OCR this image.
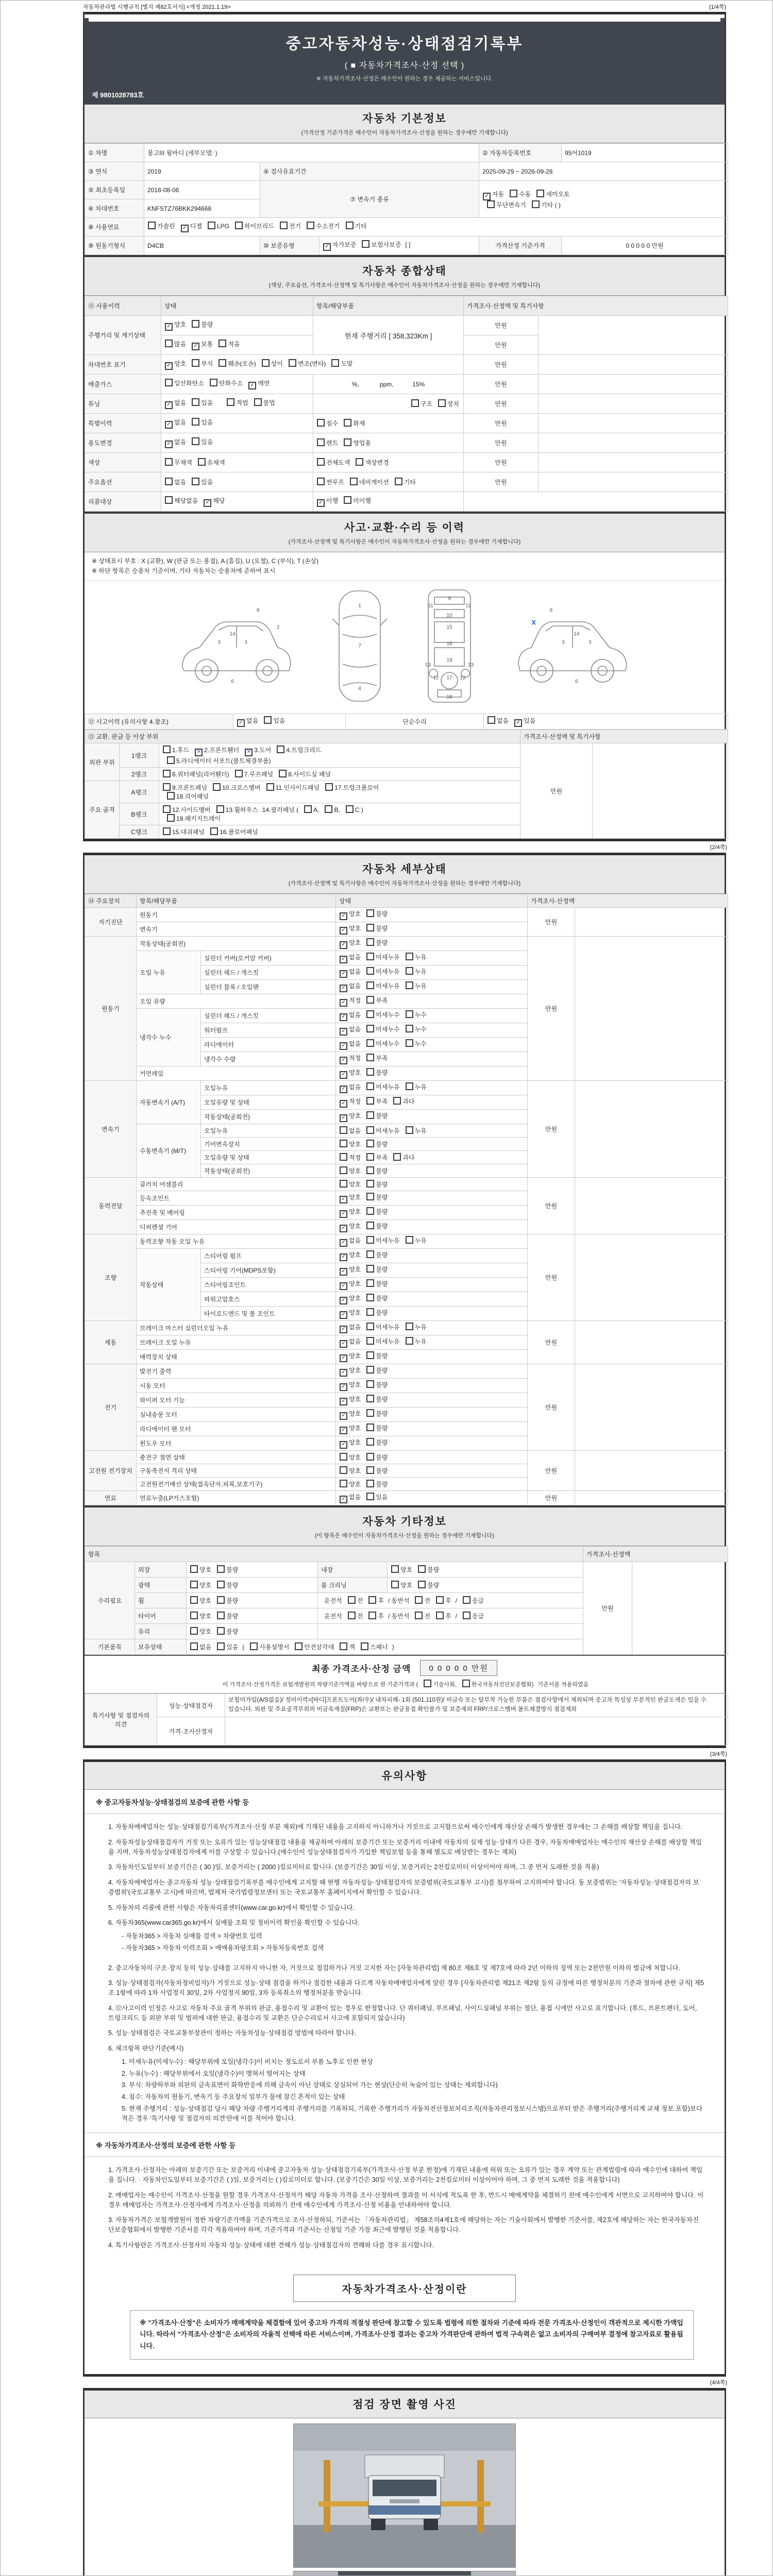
자동차관리법 시행규칙 [별지 제82호서식] <개정 2021.1.19>	(1/4쪽)
중고자동차성능·상태점검기록부
( ■ 자동차가격조사·산정 선택 )
※ 자동차가격조사·산정은 매수인이 원하는 경우 제공하는 서비스입니다.
제 9801028783호
자동차 기본정보
(가격산정 기준가격은 매수인이 자동차가격조사·산정을 원하는 경우에만 기재합니다)
① 차명	봉고III 윙바디 (세부모델: )			② 자동차등록번호	95어1019
③ 연식	2019	④ 검사유효기간		2025-09-29 ~ 2026-09-28	
⑤ 최초등록일	2018-08-06	⑦ 변속기 종류	✓자동 수동 세미오토
무단변속기 기타 ( )
⑥ 차대번호	KNFSTZ76BKK294668				
⑧ 사용연료	가솔린 ✓ 디젤 LPG 하이브리드 전기 수소전기 기타
⑨ 원동기형식	D4CB	⑩ 보증유형	✓자가보증 보험사보증 [ ]	가격산정 기준가격	0 0 0 0 0 만원
자동차 종합상태
(색상, 주요옵션, 가격조사·산정액 및 특기사항은 매수인이 자동차가격조사·산정을 원하는 경우에만 기재합니다)
⑪ 사용이력	상태	항목/해당부품	가격조사·산정액 및 특기사항	
주행거리 및 계기상태	✓양호 불량	현재 주행거리 [ 358,323Km ]	만원	
	많음 ✓ 보통 적음		만원	
차대번호 표기	✓양호 부식 훼손(오손) 상이 변조(변타) 도말		만원	
배출가스	일산화탄소 탄화수소 ✓ 매연	%,            ppm,           15%	만원	
튜닝	✓없음 있음 적법 불법	구조 장치	만원	
특별이력	✓없음 있음	침수 화재	만원	
용도변경	✓없음 있음	렌트 영업용	만원	
색상	무채색 유채색	전체도색 색상변경	만원	
주요옵션	없음 있음	썬루프 네비게이션 기타	만원	
리콜대상	해당없음 ✓ 해당	✓이행 미이행	
사고·교환·수리 등 이력
(가격조사·산정액 및 특기사항은 매수인이 자동차가격조사·산정을 원하는 경우에만 기재합니다)
※ 상태표시 부호 : X (교환), W (판금 또는 용접), A (흠집), U (요철), C (부식), T (손상)
※ 하단 항목은 승용차 기준이며, 기타 자동차는 승용차에 준하여 표시
2
8
3
14
3
6
1
7
4
11
9
11
10
15
16
19
13	13
12	12
17
18
X
8
14
3	3
6
⑫ 사고이력 (유의사항 4.참조)	✓없음 있음	단순수리	없음 ✓ 있음
⑬ 교환, 판금 등 이상 부위			가격조사·산정액 및 특기사항	
외판 부위	1랭크	1.후드 ✕ 2.프론트휀더 ✕ 3.도어 4.트렁크리드
5.라디에이터 서포트(볼트체결부품)	만원	
	2랭크	6.쿼터패널(리어휀더) 7.루프패널 8.사이드실 패널		
주요 골격	A랭크	9.프론트패널 10.크로스멤버 11.인사이드패널 17.트렁크플로어
18.리어패널		
	B랭크	12.사이드멤버 13.휠하우스 14.필러패널 ( A, B, C )
19.패키지트레이		
	C랭크	15.대쉬패널 16.플로어패널		
(2/4쪽)
자동차 세부상태
(가격조사·산정액 및 특기사항은 매수인이 자동차가격조사·산정을 원하는 경우에만 기재합니다)
⑭ 주요장치	항목/해당부품		상태	가격조사·산정액	
자기진단	원동기	✓양호 불량	만원	
	변속기	✓양호 불량
원동기	작동상태(공회전)	✓양호 불량	만원	
	오일 누유	실린더 커버(로커암 커버)	✓없음 미세누유 누유
		실린더 헤드 / 개스킷	✓없음 미세누유 누유
		실린더 블록 / 오일팬	✓없음 미세누유 누유
	오일 유량	✓적정 부족
	냉각수 누수	실린더 헤드 / 개스킷	✓없음 미세누수 누수
		워터펌프	✓없음 미세누수 누수
		라디에이터	✓없음 미세누수 누수
		냉각수 수량	✓적정 부족
	커먼레일	✓양호 불량
변속기	자동변속기 (A/T)	오일누유	✓없음 미세누유 누유	만원	
		오일유량 및 상태	✓적정 부족 과다
		작동상태(공회전)	✓양호 불량
	수동변속기 (M/T)	오일누유	없음 미세누유 누유		
		기어변속장치	양호 불량		
		오일유량 및 상태	적정 부족 과다		
		작동상태(공회전)	양호 불량		
동력전달	클러치 어셈블리		양호 불량	만원	
	등속조인트	✓양호 불량
	추진축 및 베어링	✓양호 불량
	디퍼렌셜 기어	✓양호 불량
조향	동력조향 작동 오일 누유	✓없음 미세누유 누유	만원	
	작동상태	스티어링 펌프	✓양호 불량
		스티어링 기어(MDPS포함)	✓양호 불량
		스티어링조인트	✓양호 불량
		파워고압호스	✓양호 불량
		타이로드엔드 및 볼 조인트	✓양호 불량
제동	브레이크 마스터 실린더오일 누유	✓없음 미세누유 누유	만원	
	브레이크 오일 누유	✓없음 미세누유 누유
	배력장치 상태	✓양호 불량
전기	발전기 출력	✓양호 불량	만원	
	시동 모터	✓양호 불량
	와이퍼 모터 기능	✓양호 불량
	실내송풍 모터	✓양호 불량
	라디에이터 팬 모터	✓양호 불량
	윈도우 모터	✓양호 불량
고전원 전기장치	충전구 절연 상태		양호 불량	만원	
	구동축전지 격리 상태		양호 불량		
	고전원전기배선 상태(접속단자,피복,보호기구)		양호 불량		
연료	연료누출(LP가스포함)	✓없음 있음	만원	
자동차 기타정보
(이 항목은 매수인이 자동차가격조사·산정을 원하는 경우에만 기재합니다)
항목					가격조사·산정액	
수리필요	외장	양호 불량	내장	양호 불량	만원	
	광택	양호 불량	룸 크리닝	양호 불량		
	휠	양호 불량	운전석 전 후 / 동반석 전 후 / 응급			
	타이어	양호 불량	운전석 전 후 / 동반석 전 후 / 응급			
	유리	양호 불량				
기본품목	보유상태	없음 있음 ( 사용설명서 안전삼각대 잭 스패너 )				
최종 가격조사·산정 금액	0 0 0 0 0 만원
이 가격조사·산정가격은 보험개발원의 차량기준가액을 바탕으로 한 기준가격과 (	기술사회,	한국자동차진단보증협회) 기준서를 적용하였음
특기사항 및 점검자의 의견	성능·상태점검자	보험미가입(A/S없음)/ 정비이력=[바디]프론트도어(좌/우)/ 내차피해- 1회 (501,110원)/ 비금속 또는 탈부착 가능한 부품은 점검사항에서 제외되며 중고차 특성상 부분적인 판금도색은 있을 수 있습니다. 외판 및 주요골격부위의 비금속재질(FRP)은 교환또는 판금용접 확인불가 및 보증제외 FRP/크로스멤버 볼트체결방식 점검제외
	가격·조사산정자	
(3/4쪽)
유의사항
※ 중고자동차성능·상태점검의 보증에 관한 사항 등
1. 자동차매매업자는 성능·상태점검기록부(가격조사·산정 부분 제외)에 기재된 내용을 고지하지 아니하거나 거짓으로 고지함으로써 매수인에게 재산상 손해가 발생한 경우에는 그 손해를 배상할 책임을 집니다.
2. 자동차성능상태점검자가 거짓 또는 오류가 있는 성능상태점검 내용을 제공하여 아래의 보증기간 또는 보증거리 이내에 자동차의 실제 성능·상태가 다른 경우, 자동차매매업자는 매수인의 재산상 손해를 배상할 책임을 지며, 자동차성능상태점검자에게 이를 구상할 수 있습니다.(매수인이 성능상태점검자가 가입한 책임보험 등을 통해 별도로 배상받는 경우는 제외)
3. 자동차인도일부터 보증기간은 ( 30 )일, 보증거리는 ( 2000 )킬로미터로 합니다. (보증기간은 30일 이상, 보증거리는 2천킬로미터 이상이어야 하며, 그 중 먼저 도래한 것을 적용)
4. 자동차매매업자는 중고자동차 성능·상태점검기록부를 매수인에게 고지할 때 현행 자동차성능·상태점검자의 보증범위(국토교통부 고시)를 첨부하여 고지하여야 합니다. 동 보증범위는 '자동차성능·상태점검자의 보증범위'(국토교통부 고시)에 따르며, 법제처 국가법령정보센터 또는 국토교통부 홈페이지에서 확인할 수 있습니다.
5. 자동차의 리콜에 관한 사항은 자동차리콜센터(www.car.go.kr)에서 확인할 수 있습니다.
6. 자동차365(www.car365.go.kr)에서 실매물 조회 및 정비이력 확인을 확인할 수 있습니다.
- 자동차365 > 자동차 실매물 검색 > 차량번호 입력
- 자동차365 > 자동차 이력조회 > 매매용차량조회 > 자동차등록번호 검색
2. 중고자동차의 구조·장치 등의 성능·상태를 고지하지 아니한 자, 거짓으로 점검하거나 거짓 고지한 자는 [자동차관리법] 제 80조 제6호 및 제7호에 따라 2년 이하의 징역 또는 2천만원 이하의 벌금에 처합니다.
3. 성능·상태점검자(자동차정비업자)가 거짓으로 성능·상태 점검을 하거나 점검한 내용과 다르게 자동차매매업자에게 알린 경우 [자동차관리법 제21조 제2항 등의 규정에 따른 행정처분의 기준과 절차에 관한 규칙] 제5조 1항에 따라 1차 사업정지 30일, 2차 사업정지 90일, 3차 등록취소의 행정처분을 받습니다.
4. ⑫사고이력 인정은 사고로 자동차 주요 골격 부위의 판금, 용접수리 및 교환이 있는 경우로 한정합니다. 단 쿼터패널, 루프패널, 사이드실패널 부위는 절단, 용접 시에만 사고로 표기합니다. (후드, 프론트펜더, 도어, 트렁크리드 등 외판 부위 및 범퍼에 대한 판금, 용접수리 및 교환은 단순수리로서 사고에 포함되지 않습니다)
5. 성능·상태점검은 국토교통부장관이 정하는 자동차성능·상태점검 방법에 따라야 합니다.
6. 체크항목 판단기준(예시)
1. 미세누유(미세누수) : 해당부위에 오일(냉각수)이 비치는 정도로서 부품 노후로 인한 현상
2. 누유(누수) : 해당부위에서 오일(냉각수)이 맺혀서 떨어지는 상태
3. 부식: 차량하부와 외판의 금속표면이 화학반응에 의해 금속이 아닌 상태로 상실되어 가는 현상(단순히 녹슬어 있는 상태는 제외합니다)
4. 침수: 자동차의 원동기, 변속기 등 주요장치 일부가 물에 잠긴 흔적이 있는 상태
5. 현재 주행거리 : 성능·상태점검 당시 해당 차량 주행거리계의 주행거리를 기록하되, 기록한 주행거리가 자동차전산정보처리조직(자동차관리정보시스템)으로부터 받은 주행거리(주행거리계 교체 정보 포함)보다 적은 경우 '특기사항 및 점검자의 의견'란에 이를 적어야 합니다.
※ 자동차가격조사·산정의 보증에 관한 사항 등
1. 가격조사·산정자는 아래의 보증기간 또는 보증거리 이내에 중고자동차 성능·상태점검기록부(가격조사·산정 부분 한정)에 기재된 내용에 허위 또는 오류가 있는 경우 계약 또는 관계법령에 따라 매수인에 대하여 책임을 집니다. · 자동차인도일부터 보증기간은 ( )일, 보증거리는 ( )킬로미터로 합니다. (보증기간은 30일 이상, 보증거리는 2천킬로미터 이상이어야 하며, 그 중 먼저 도래한 것을 적용합니다)
2. 매매업자는 매수인이 가격조사·산정을 원할 경우 가격조사·산정자가 해당 자동차 가격을 조사·산정하여 결과를 이 서식에 적도록 한 후, 반드시 매매계약을 체결하기 전에 매수인에게 서면으로 고지하여야 합니다. 이 경우 매매업자는 가격조사·산정자에게 가격조사·산정을 의뢰하기 전에 매수인에게 가격조사·산정 비용을 안내하여야 합니다.
3. 자동차가격은 보험개발원이 정한 차량기준가액을 기준가격으로 조사·산정하되, 기준서는 「자동차관리법」 제58조의4제1호에 해당하는 자는 기술사회에서 발행한 기준서를, 제2호에 해당하는 자는 한국자동차진단보증협회에서 발행한 기준서를 각각 적용하여야 하며, 기준가격과 기준서는 산정일 기준 가장 최근에 발행된 것을 적용합니다.
4. 특기사항란은 가격조사·산정자의 자동차 성능·상태에 대한 견해가 성능·상태점검자의 견해와 다를 경우 표시합니다.
자동차가격조사·산정이란
※ "가격조사·산정"은 소비자가 매매계약을 체결함에 있어 중고차 가격의 적절성 판단에 참고할 수 있도록 법령에 의한 절차와 기준에 따라 전문 가격조사·산정인이 객관적으로 제시한 가액입니다. 따라서 "가격조사·산정"은 소비자의 자율적 선택에 따른 서비스이며, 가격조사·산정 결과는 중고차 가격판단에 관하여 법적 구속력은 없고 소비자의 구매여부 결정에 참고자료로 활용됩니다.
(4/4쪽)
점검 장면 촬영 사진
